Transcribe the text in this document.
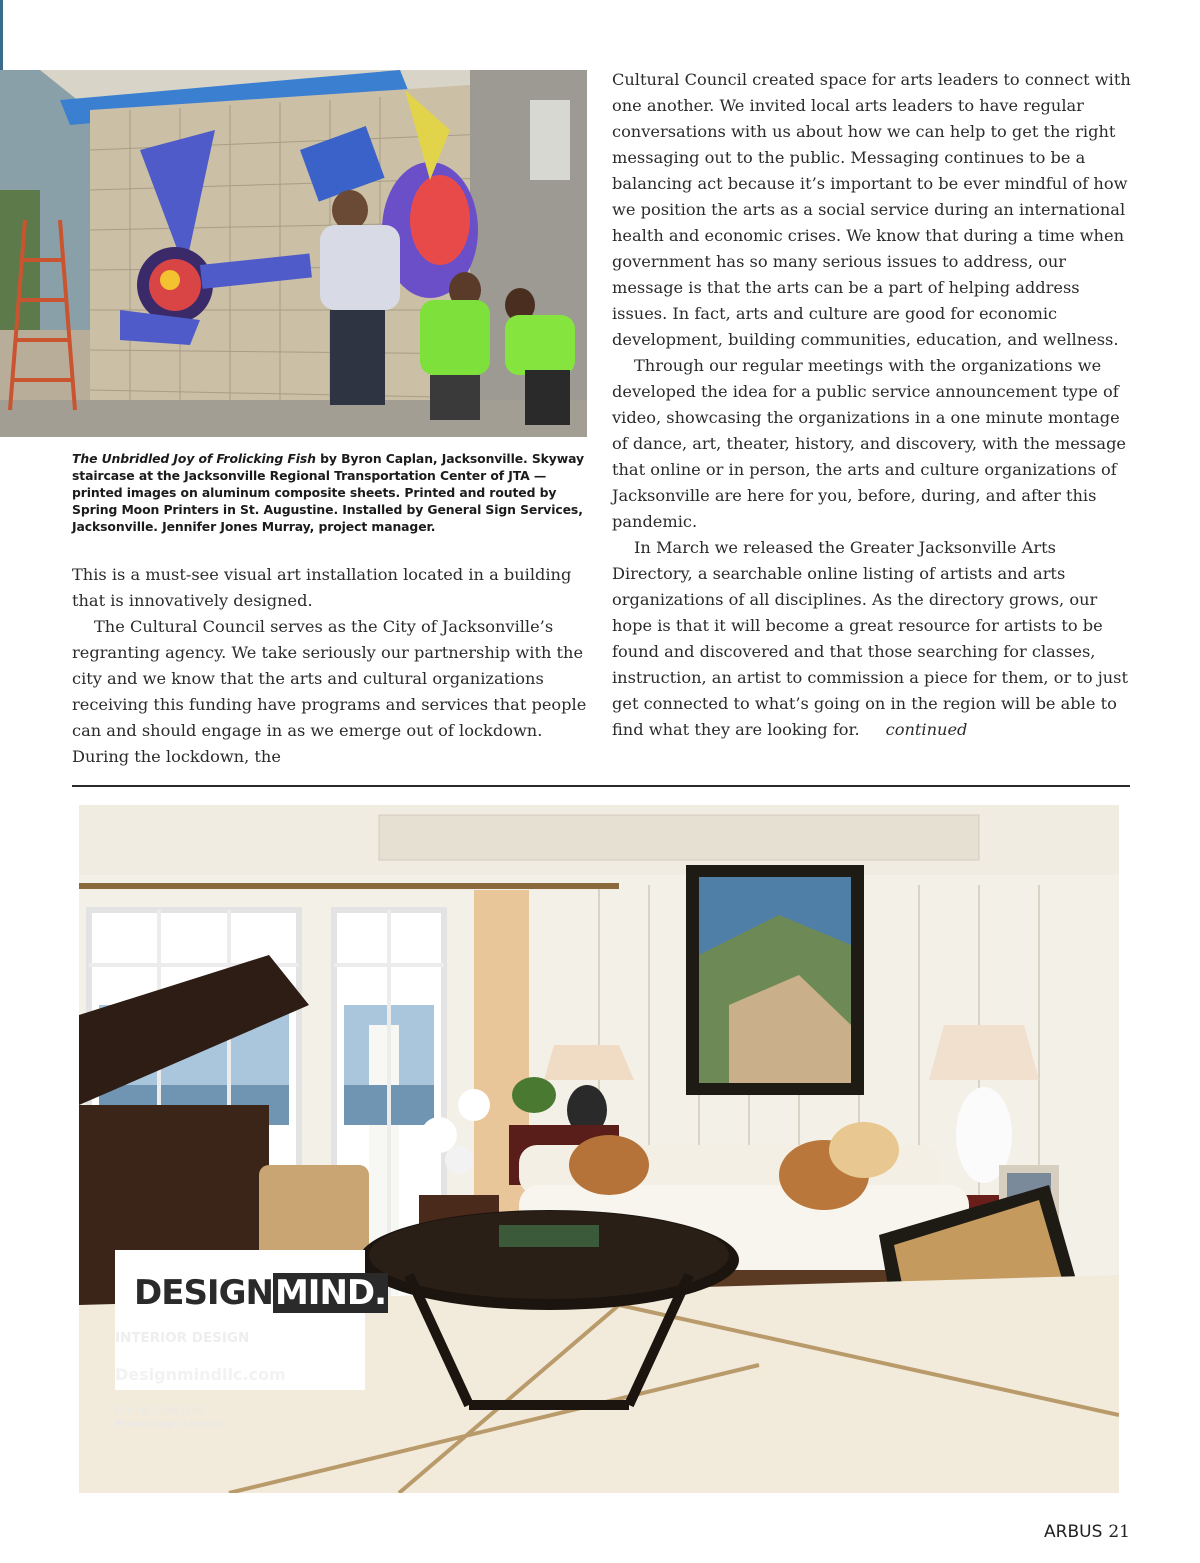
The Unbridled Joy of Frolicking Fish by Byron Caplan, Jacksonville. Skyway staircase at the Jacksonville Regional Transportation Center of JTA — printed images on aluminum composite sheets. Printed and routed by Spring Moon Printers in St. Augustine. Installed by General Sign Services, Jacksonville. Jennifer Jones Murray, project manager.

This is a must-see visual art installation located in a building that is innovatively designed.

The Cultural Council serves as the City of Jacksonville’s regranting agency. We take seriously our partnership with the city and we know that the arts and cultural organizations receiving this funding have programs and services that people can and should engage in as we emerge out of lockdown. During the lockdown, the

Cultural Council created space for arts leaders to connect with one another. We invited local arts leaders to have regular conversations with us about how we can help to get the right messaging out to the public. Messaging continues to be a balancing act because it’s important to be ever mindful of how we position the arts as a social service during an international health and economic crises. We know that during a time when government has so many serious issues to address, our message is that the arts can be a part of helping address issues. In fact, arts and culture are good for economic development, building communities, education, and wellness.

Through our regular meetings with the organizations we developed the idea for a public service announcement type of video, showcasing the organizations in a one minute montage of dance, art, theater, history, and discovery, with the message that online or in person, the arts and culture organizations of Jacksonville are here for you, before, during, and after this pandemic.

In March we released the Greater Jacksonville Arts Directory, a searchable online listing of artists and arts organizations of all disciplines. As the directory grows, our hope is that it will become a great resource for artists to be found and discovered and that those searching for classes, instruction, an artist to commission a piece for them, or to just get connected to what’s going on in the region will be able to find what they are looking for. continued

DESIGNMIND.
INTERIOR DESIGN
Designmindllc.com
Fl lic IB.26001180
Photo:Joseph Lapeyra
ARBUS 21
